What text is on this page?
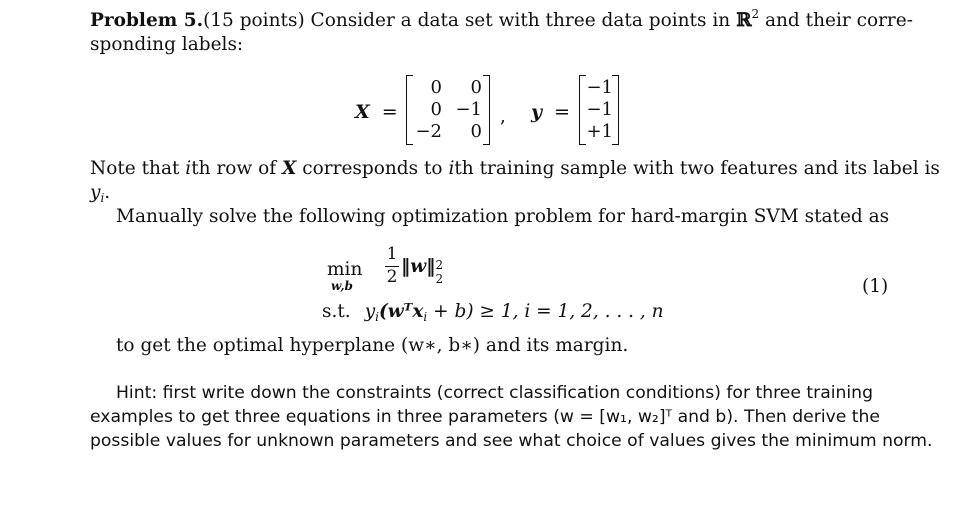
Problem 5.(15 points) Consider a data set with three data points in ℝ$^2$ and their corre-
sponding labels:
X =
0	0
0 −1
−2	0
, y =
−1
−1
+1
Note that ith row of X corresponds to ith training sample with two features and its label is
$y_i$.
Manually solve the following optimization problem for hard-margin SVM stated as
min
w,b
1
2 ‖w‖ 2
2	(1)
s.t. $y_i(wᵀx_i + b) \ge 1$, i = 1, 2, . . . , n
to get the optimal hyperplane (w∗, b∗) and its margin.
Hint: first write down the constraints (correct classification conditions) for three training
examples to get three equations in three parameters (w = [w₁, w₂]ᵀ and b). Then derive the
possible values for unknown parameters and see what choice of values gives the minimum norm.
